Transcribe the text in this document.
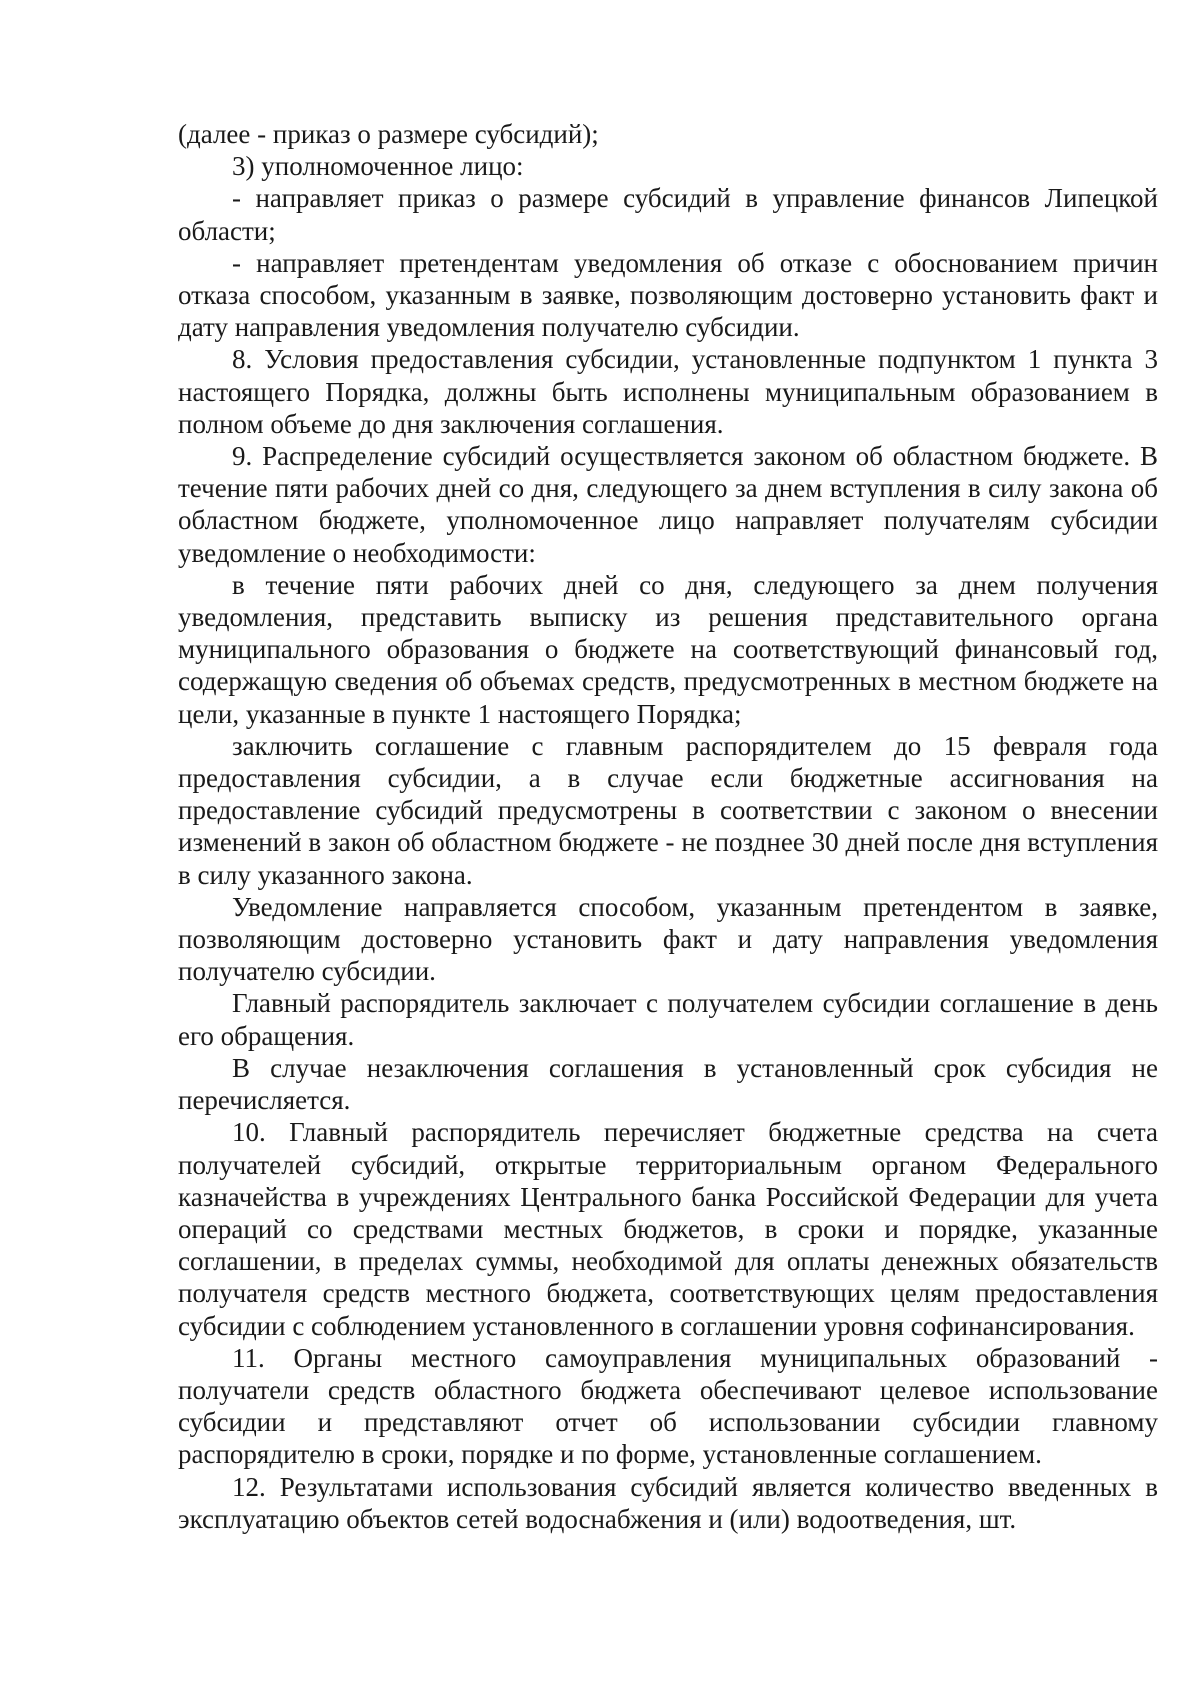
(далее - приказ о размере субсидий);

3) уполномоченное лицо:

- направляет приказ о размере субсидий в управление финансов Липецкой области;

- направляет претендентам уведомления об отказе с обоснованием причин отказа способом, указанным в заявке, позволяющим достоверно установить факт и дату направления уведомления получателю субсидии.

8. Условия предоставления субсидии, установленные подпунктом 1 пункта 3 настоящего Порядка, должны быть исполнены муниципальным образованием в полном объеме до дня заключения соглашения.

9. Распределение субсидий осуществляется законом об областном бюджете. В течение пяти рабочих дней со дня, следующего за днем вступления в силу закона об областном бюджете, уполномоченное лицо направляет получателям субсидии уведомление о необходимости:

в течение пяти рабочих дней со дня, следующего за днем получения уведомления, представить выписку из решения представительного органа муниципального образования о бюджете на соответствующий финансовый год, содержащую сведения об объемах средств, предусмотренных в местном бюджете на цели, указанные в пункте 1 настоящего Порядка;

заключить соглашение с главным распорядителем до 15 февраля года предоставления субсидии, а в случае если бюджетные ассигнования на предоставление субсидий предусмотрены в соответствии с законом о внесении изменений в закон об областном бюджете - не позднее 30 дней после дня вступления в силу указанного закона.

Уведомление направляется способом, указанным претендентом в заявке, позволяющим достоверно установить факт и дату направления уведомления получателю субсидии.

Главный распорядитель заключает с получателем субсидии соглашение в день его обращения.

В случае незаключения соглашения в установленный срок субсидия не перечисляется.

10. Главный распорядитель перечисляет бюджетные средства на счета получателей субсидий, открытые территориальным органом Федерального казначейства в учреждениях Центрального банка Российской Федерации для учета операций со средствами местных бюджетов, в сроки и порядке, указанные соглашении, в пределах суммы, необходимой для оплаты денежных обязательств получателя средств местного бюджета, соответствующих целям предоставления субсидии с соблюдением установленного в соглашении уровня софинансирования.

11. Органы местного самоуправления муниципальных образований - получатели средств областного бюджета обеспечивают целевое использование субсидии и представляют отчет об использовании субсидии главному распорядителю в сроки, порядке и по форме, установленные соглашением.

12. Результатами использования субсидий является количество введенных в эксплуатацию объектов сетей водоснабжения и (или) водоотведения, шт.
